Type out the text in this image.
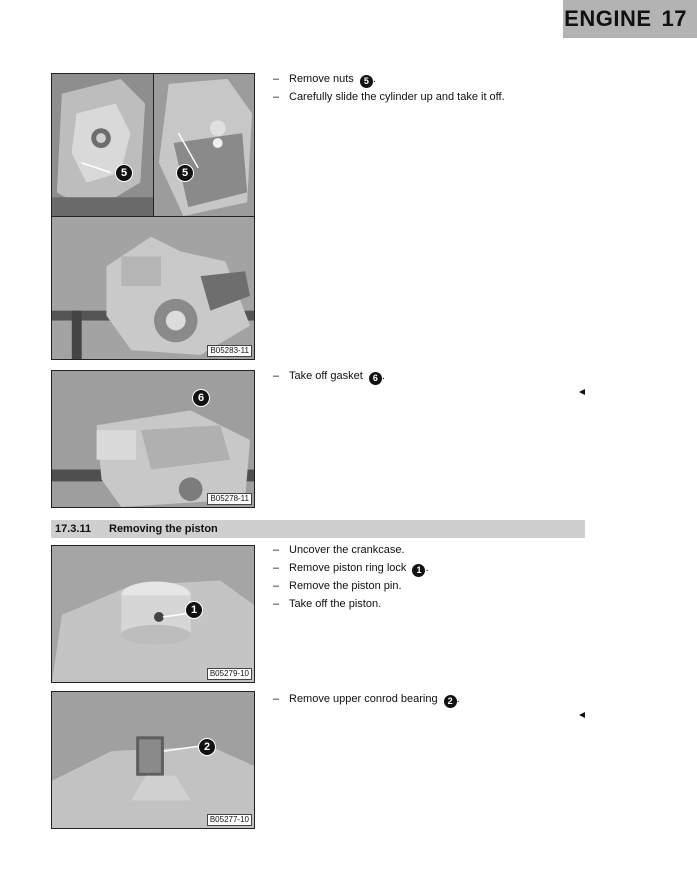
ENGINE 17
5	5
B05283-11
– Remove nuts 5 .
– Carefully slide the cylinder up and take it off.
6
B05278-11
– Take off gasket 6 .
17.3.11 Removing the piston
1
B05279-10
– Uncover the crankcase.
– Remove piston ring lock 1 .
– Remove the piston pin.
– Take off the piston.
2
B05277-10
– Remove upper conrod bearing 2 .
